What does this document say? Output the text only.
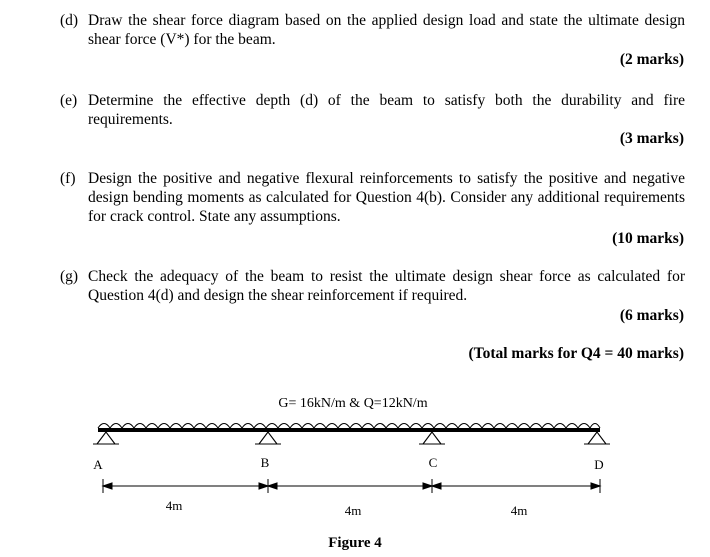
(d) Draw the shear force diagram based on the applied design load and state the ultimate design shear force (V*) for the beam.
(2 marks)
(e) Determine the effective depth (d) of the beam to satisfy both the durability and fire requirements.
(3 marks)
(f) Design the positive and negative flexural reinforcements to satisfy the positive and negative design bending moments as calculated for Question 4(b). Consider any additional requirements for crack control. State any assumptions.
(10 marks)
(g) Check the adequacy of the beam to resist the ultimate design shear force as calculated for Question 4(d) and design the shear reinforcement if required.
(6 marks)
(Total marks for Q4 = 40 marks)
G= 16kN/m & Q=12kN/m
A	B	C	D
4m	4m	4m
Figure 4
